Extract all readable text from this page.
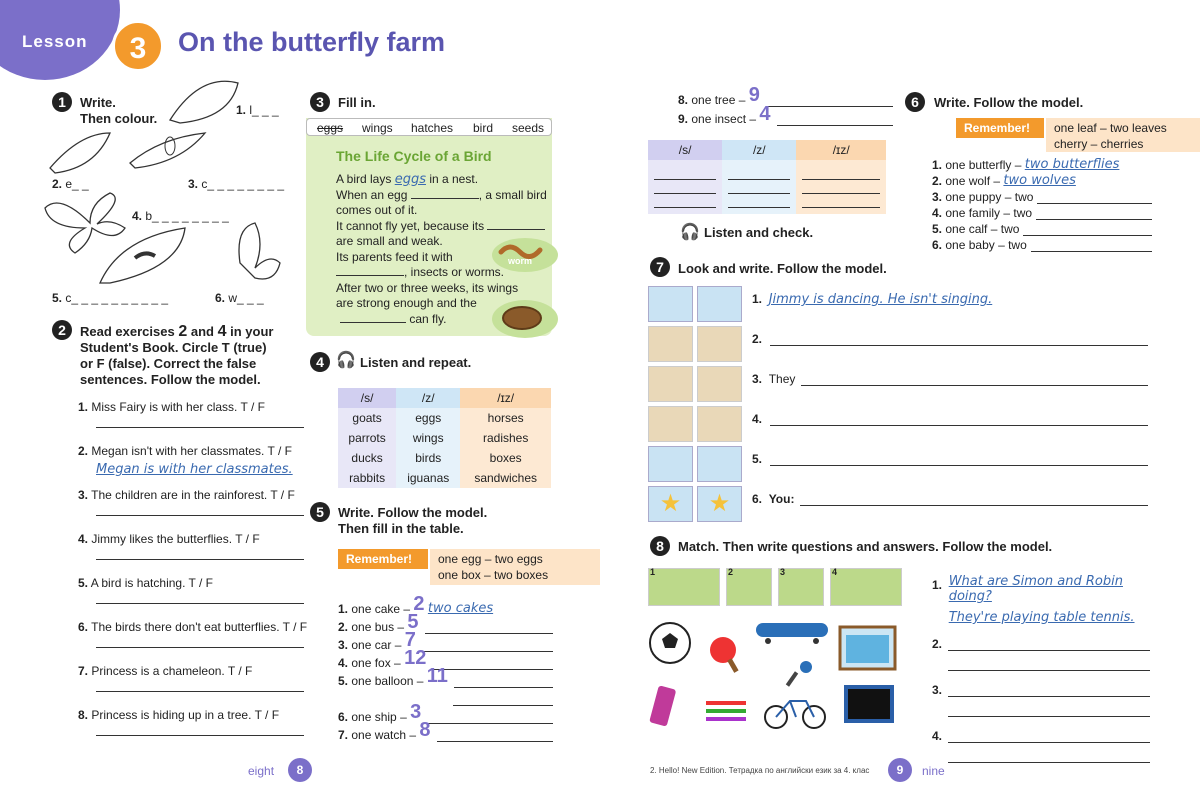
Lesson	3	On the butterfly farm
1	Write.
Then colour.
1. l_ _ _
2. e_ _	3. c_ _ _ _ _ _ _ _
4. b_ _ _ _ _ _ _ _
5. c_ _ _ _ _ _ _ _ _ _	6. w_ _ _
2	Read exercises 2 and 4 in your
Student's Book. Circle T (true)
or F (false). Correct the false
sentences. Follow the model.
1. Miss Fairy is with her class. T / F
2. Megan isn't with her classmates. T / F
Megan is with her classmates.
3. The children are in the rainforest. T / F
4. Jimmy likes the butterflies. T / F
5. A bird is hatching. T / F
6. The birds there don't eat butterflies. T / F
7. Princess is a chameleon. T / F
8. Princess is hiding up in a tree. T / F
3	Fill in.
eggs wings hatches bird seeds
The Life Cycle of a Bird
A bird lays eggs in a nest.
When an egg	, a small bird
comes out of it.
It cannot fly yet, because its
are small and weak.
Its parents feed it with
, insects or worms.
After two or three weeks, its wings
are strong enough and the
can fly.
worm
4 🎧 Listen and repeat.
/s/	/z/	/ɪz/
goats	eggs	horses
parrots	wings	radishes
ducks	birds	boxes
rabbits	iguanas	sandwiches
5	Write. Follow the model.
Then fill in the table.
Remember!	one egg – two eggs
one box – two boxes
1.
one cake –
2
two cakes
2.
one bus –
5
3.
one car –
7
4.
one fox –
12
5.
one balloon –
11
6.
one ship –
3
7.
one watch –
8
8.
one tree –
9
9.
one insect –
4
/s/	/z/	/ɪz/

🎧 Listen and check.
6	Write. Follow the model.
Remember!	one leaf – two leaves
cherry – cherries
1.
one butterfly –
two butterflies
2.
one wolf –
two wolves
3.
one puppy – two
4.
one family – two
5.
one calf – two
6.
one baby – two
7	Look and write. Follow the model.
★	★
1.
Jimmy is dancing. He isn't singing.
2.
3.
They
4.
5.
6.
You:
8	Match. Then write questions and answers. Follow the model.
1	2	3	4
1.
What are Simon and Robin doing?
They're playing table tennis.
2.
3.
4.
eight	8	2. Hello! New Edition. Тетрадка по английски език за 4. клас	9	nine
